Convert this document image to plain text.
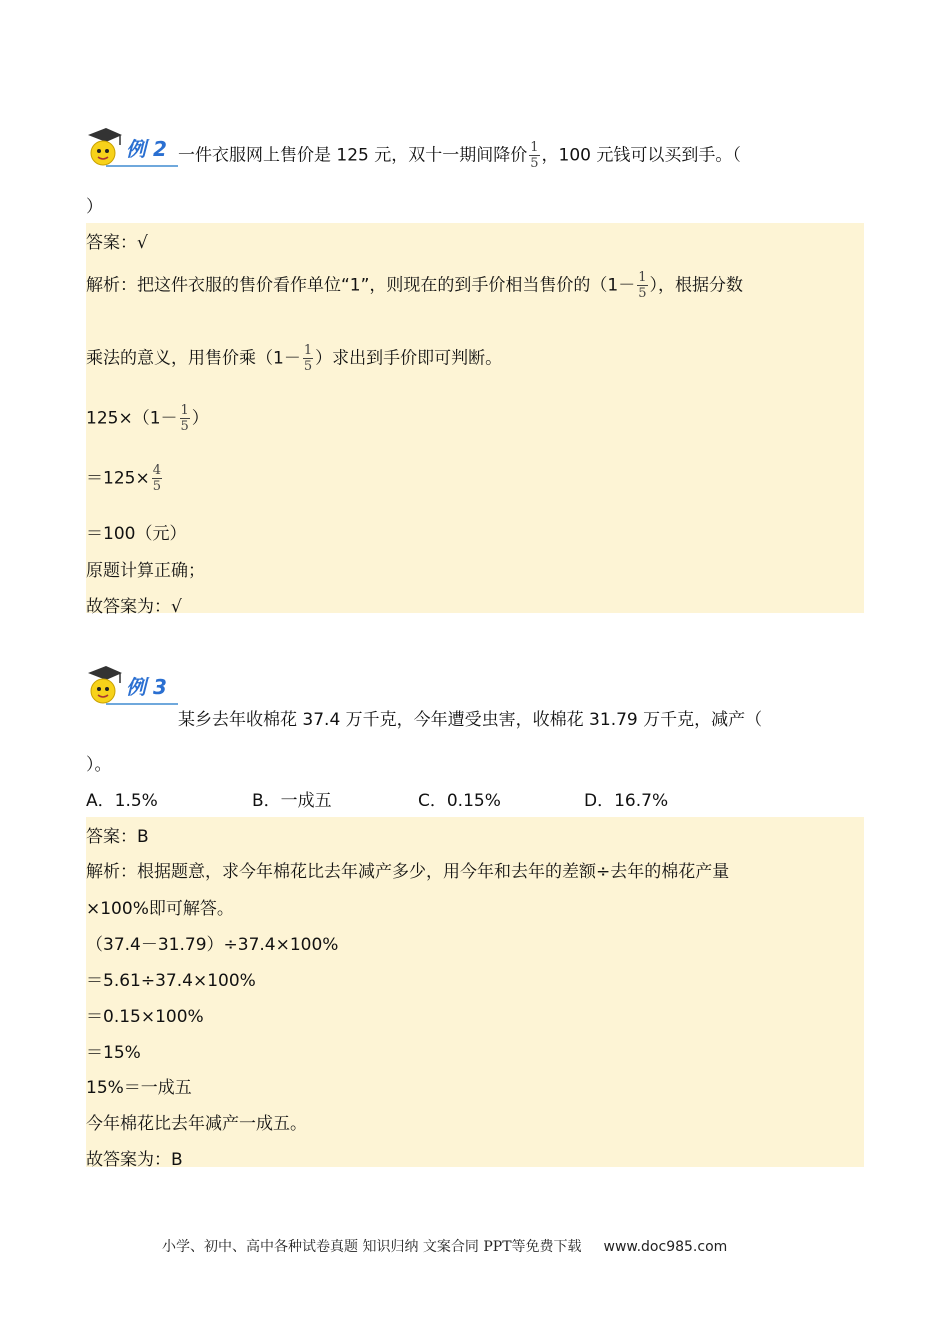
例 2 一件衣服网上售价是 125 元，双十一期间降价 $\frac{1}{5}$ ，100 元钱可以买到手。（
）
答案：√
解析：把这件衣服的售价看作单位“1”，则现在的到手价相当售价的（$1- \frac{1}{5}$ ），根据分数
乘法的意义，用售价乘（$1- \frac{1}{5}$ ）求出到手价即可判断。
$125\times(1- \frac{1}{5}$ ）
$=125\times \frac{4}{5}$
＝100（元）
原题计算正确；
故答案为：√
例 3
某乡去年收棉花 37.4 万千克，今年遭受虫害，收棉花 31.79 万千克，减产（
）。
A．1.5%	B．一成五	C．0.15%	D．16.7%
答案：B
解析：根据题意，求今年棉花比去年减产多少，用今年和去年的差额÷去年的棉花产量
×100%即可解答。
（37.4－31.79）÷37.4×100%
＝5.61÷37.4×100%
＝0.15×100%
＝15%
15%＝一成五
今年棉花比去年减产一成五。
故答案为：B
小学、初中、高中各种试卷真题 知识归纳 文案合同 PPT等免费下载 www.doc985.com
